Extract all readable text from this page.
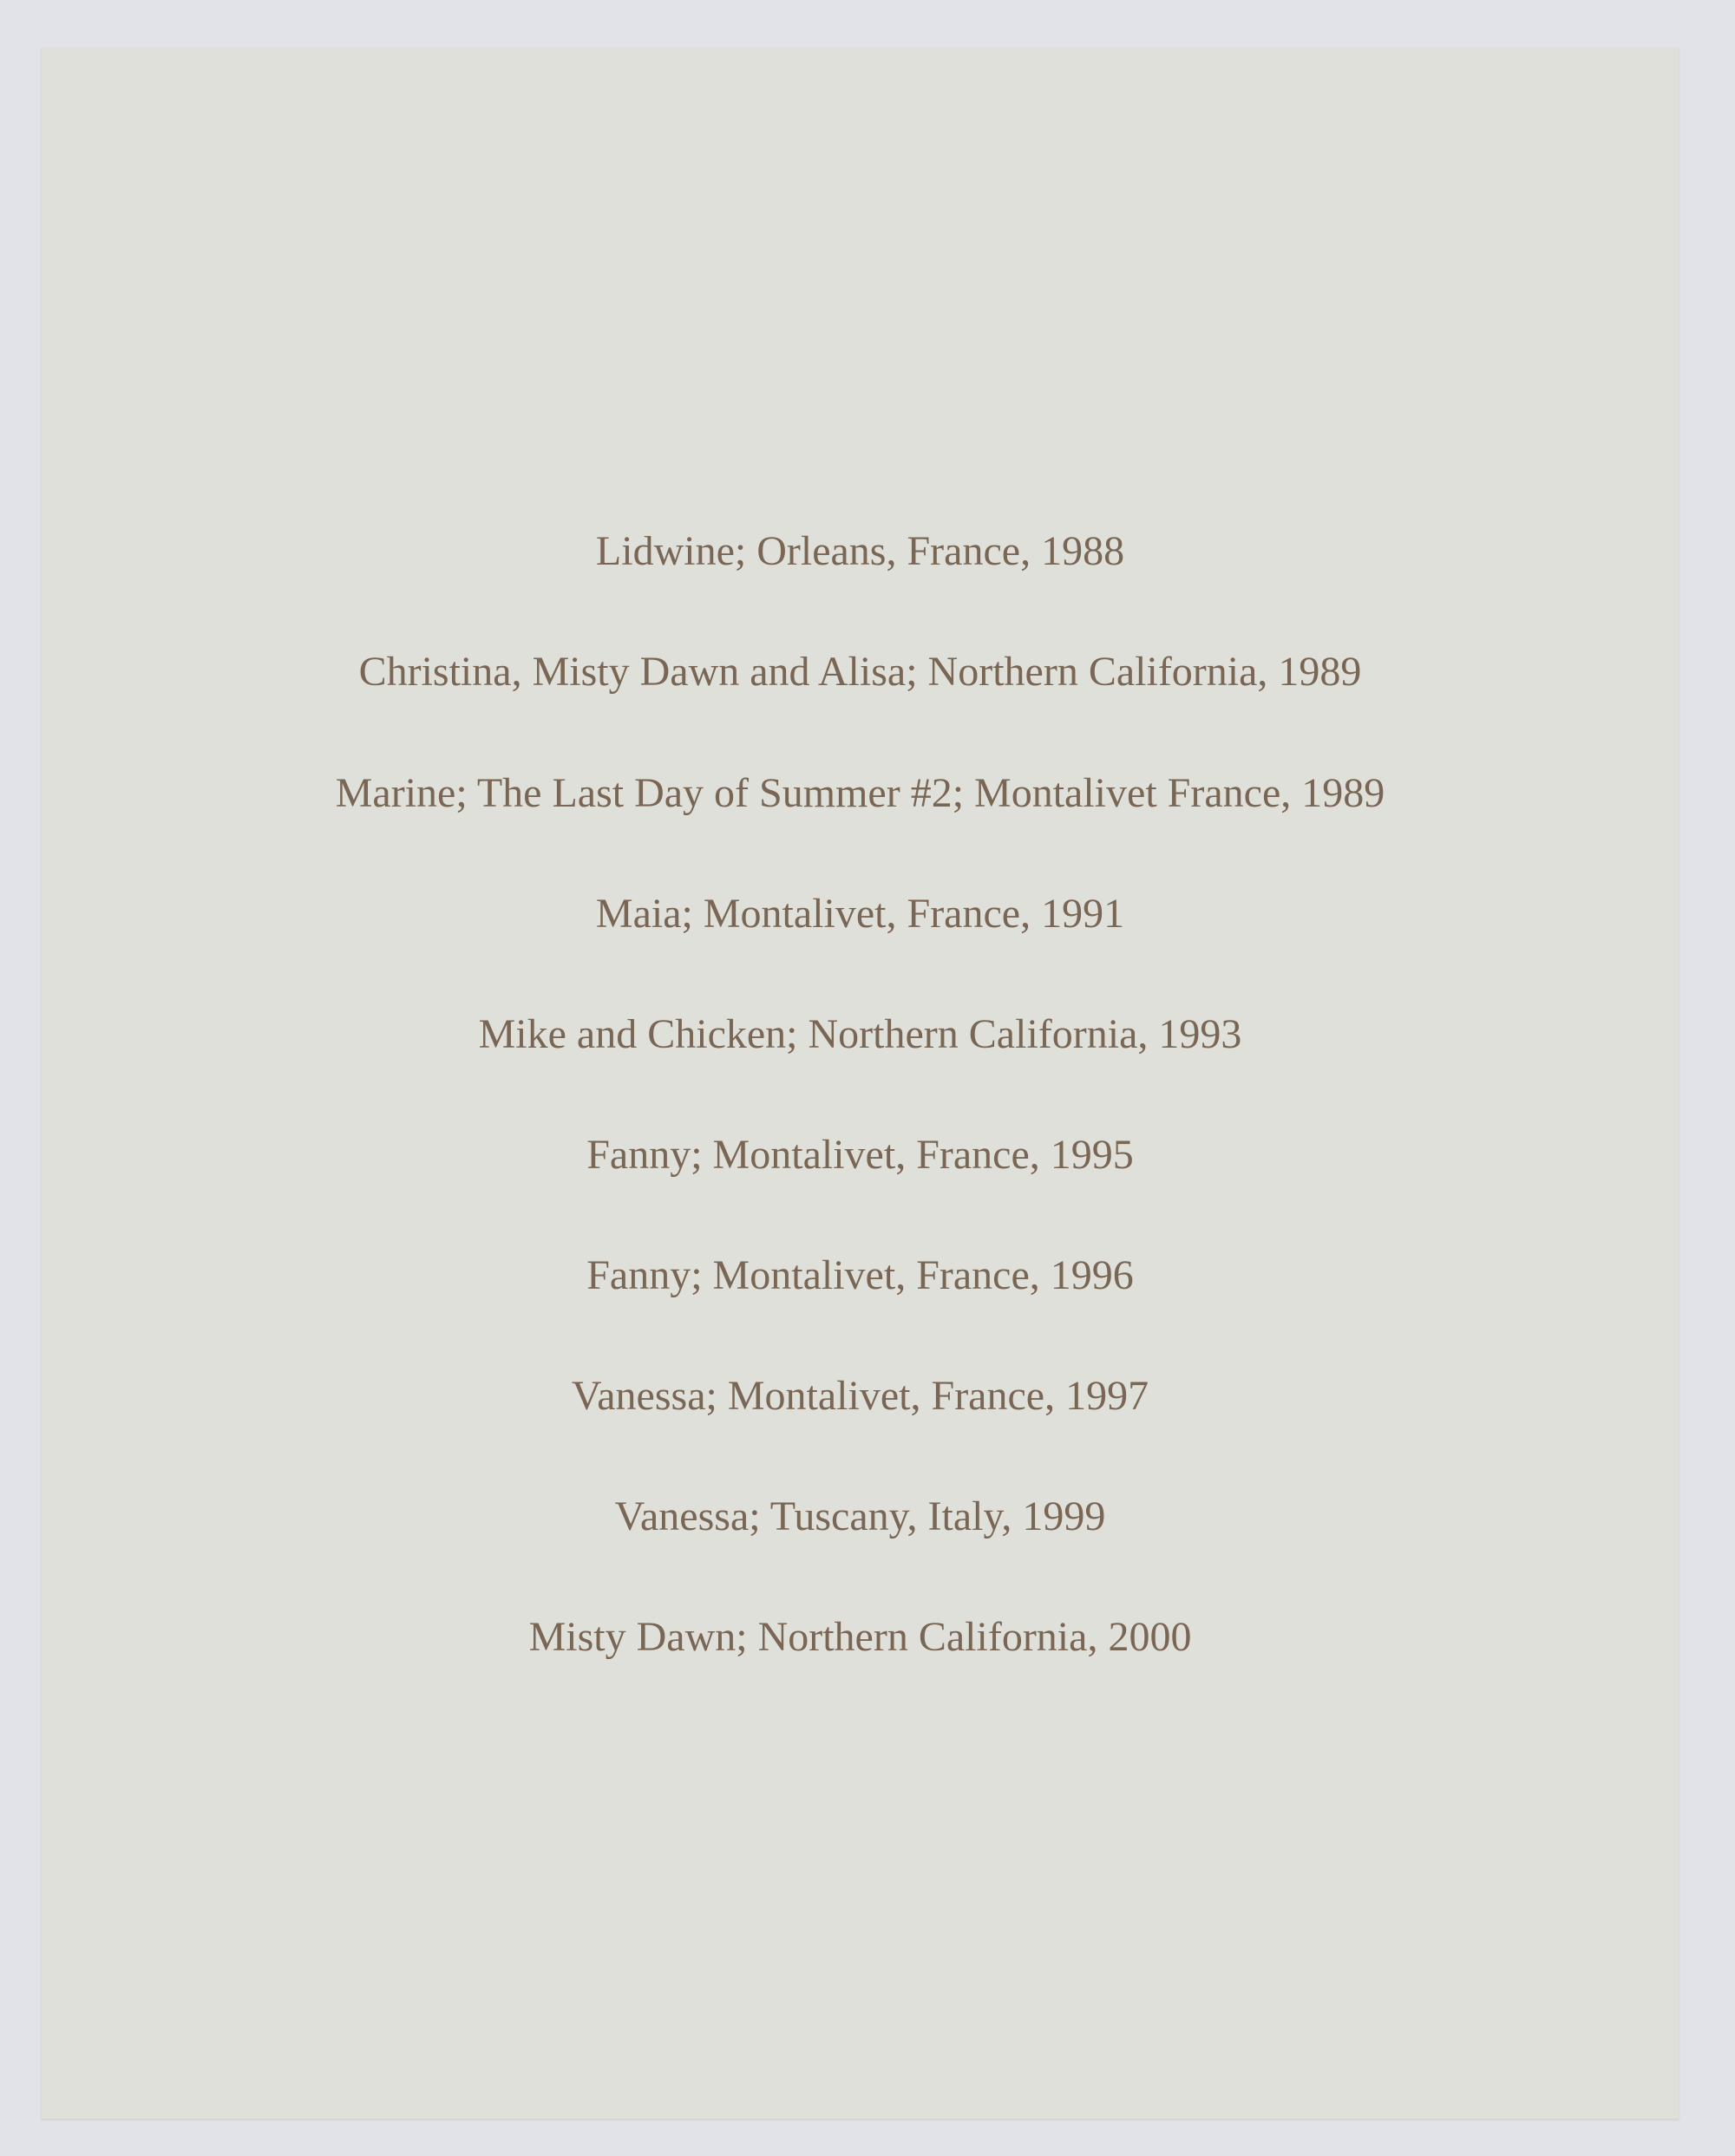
Lidwine; Orleans, France, 1988
Christina, Misty Dawn and Alisa; Northern California, 1989
Marine; The Last Day of Summer #2; Montalivet France, 1989
Maia; Montalivet, France, 1991
Mike and Chicken; Northern California, 1993
Fanny; Montalivet, France, 1995
Fanny; Montalivet, France, 1996
Vanessa; Montalivet, France, 1997
Vanessa; Tuscany, Italy, 1999
Misty Dawn; Northern California, 2000
